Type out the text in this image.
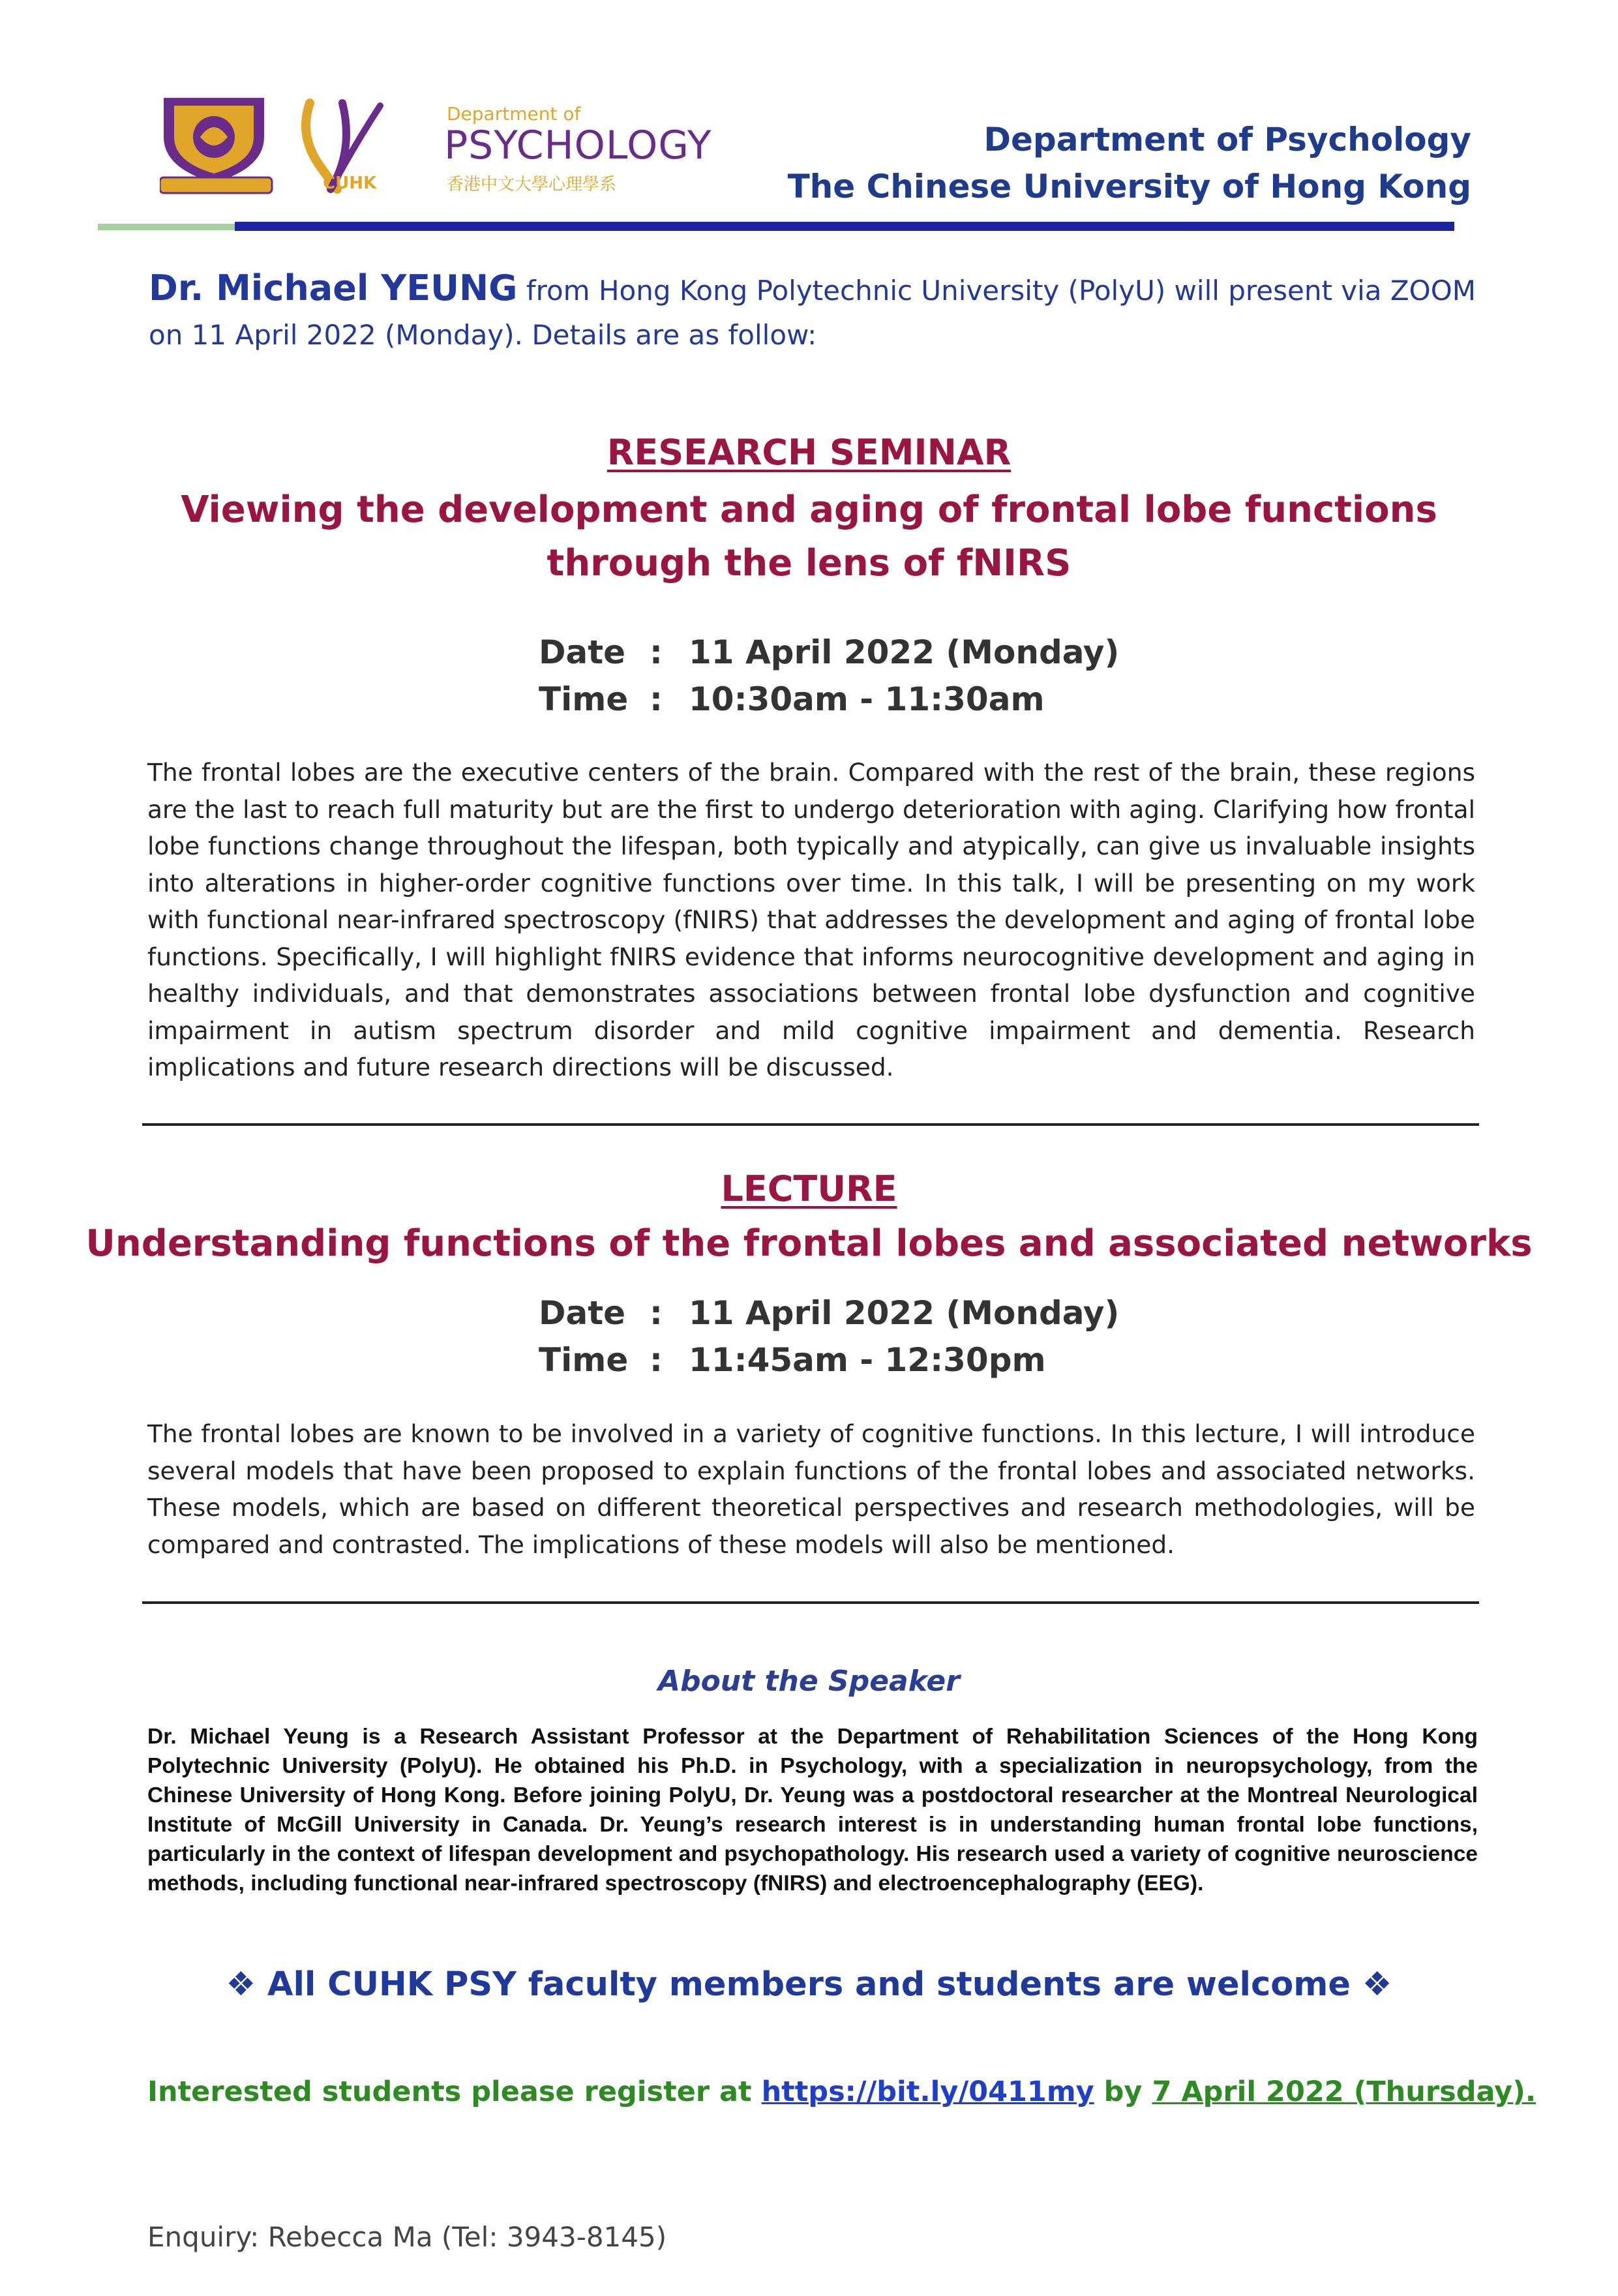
CUHK
Department of
PSYCHOLOGY
香港中文大學心理學系
Department of Psychology
The Chinese University of Hong Kong
Dr. Michael YEUNG from Hong Kong Polytechnic University (PolyU) will present via ZOOM on 11 April 2022 (Monday). Details are as follow:
RESEARCH SEMINAR
Viewing the development and aging of frontal lobe functions
through the lens of fNIRS
Date : 11 April 2022 (Monday)
Time : 10:30am - 11:30am
The frontal lobes are the executive centers of the brain. Compared with the rest of the brain, these regions are the last to reach full maturity but are the first to undergo deterioration with aging. Clarifying how frontal lobe functions change throughout the lifespan, both typically and atypically, can give us invaluable insights into alterations in higher-order cognitive functions over time. In this talk, I will be presenting on my work with functional near-infrared spectroscopy (fNIRS) that addresses the development and aging of frontal lobe functions. Specifically, I will highlight fNIRS evidence that informs neurocognitive development and aging in healthy individuals, and that demonstrates associations between frontal lobe dysfunction and cognitive impairment in autism spectrum disorder and mild cognitive impairment and dementia. Research implications and future research directions will be discussed.
LECTURE
Understanding functions of the frontal lobes and associated networks
Date : 11 April 2022 (Monday)
Time : 11:45am - 12:30pm
The frontal lobes are known to be involved in a variety of cognitive functions. In this lecture, I will introduce several models that have been proposed to explain functions of the frontal lobes and associated networks. These models, which are based on different theoretical perspectives and research methodologies, will be compared and contrasted. The implications of these models will also be mentioned.
About the Speaker
Dr. Michael Yeung is a Research Assistant Professor at the Department of Rehabilitation Sciences of the Hong Kong Polytechnic University (PolyU). He obtained his Ph.D. in Psychology, with a specialization in neuropsychology, from the Chinese University of Hong Kong. Before joining PolyU, Dr. Yeung was a postdoctoral researcher at the Montreal Neurological Institute of McGill University in Canada. Dr. Yeung’s research interest is in understanding human frontal lobe functions, particularly in the context of lifespan development and psychopathology. His research used a variety of cognitive neuroscience methods, including functional near-infrared spectroscopy (fNIRS) and electroencephalography (EEG).
❖ All CUHK PSY faculty members and students are welcome ❖
Interested students please register at https://bit.ly/0411my by 7 April 2022 (Thursday).
Enquiry: Rebecca Ma (Tel: 3943-8145)
